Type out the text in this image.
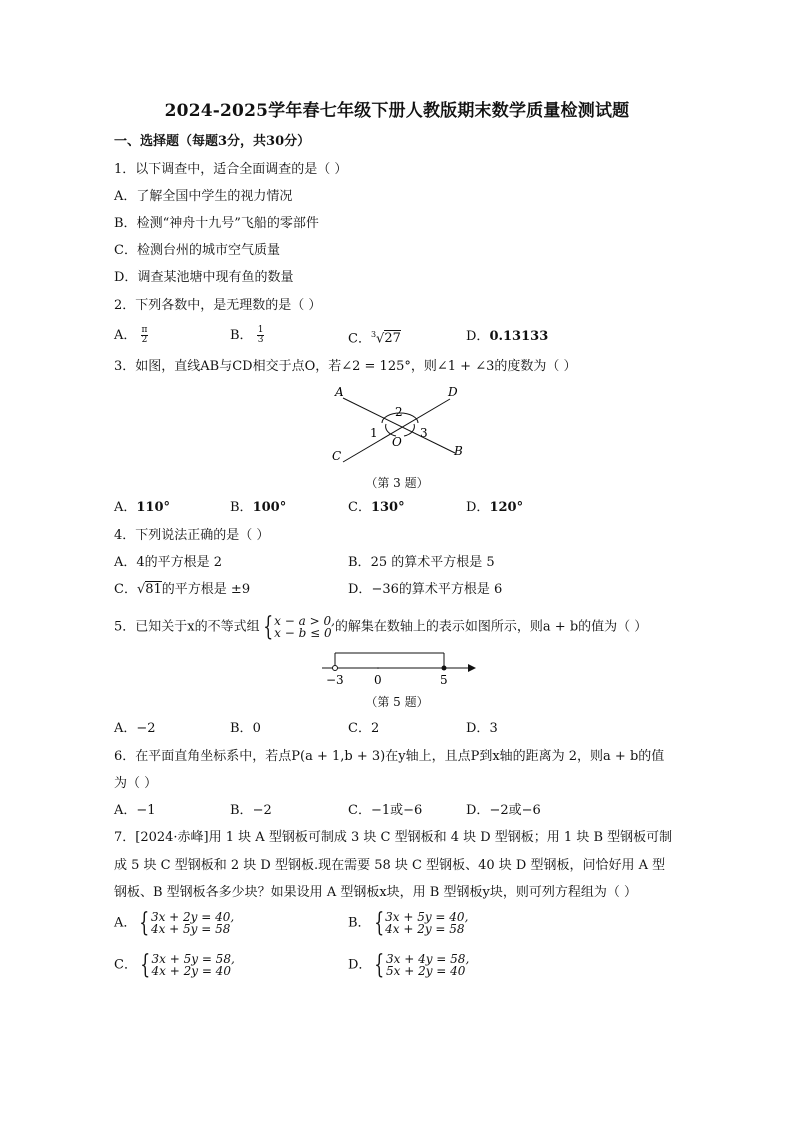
2024-2025学年春七年级下册人教版期末数学质量检测试题
一、选择题（每题3分，共30分）
1．以下调查中，适合全面调查的是（ ）
A．了解全国中学生的视力情况
B．检测“神舟十九号”飞船的零部件
C．检测台州的城市空气质量
D．调查某池塘中现有鱼的数量
2．下列各数中，是无理数的是（ ）
A． $\frac{\pi}{2}$	B． $\frac{1}{3}$	C．$^3$√27	D．0.13133
3．如图，直线AB与CD相交于点O，若∠2 = 125°，则∠1 + ∠3的度数为（ ）
A	D
C	B
O
1
2
3
（第 3 题）
A．110°	B．100°	C．130°	D．120°
4．下列说法正确的是（ ）
A．4的平方根是 2	B．25 的算术平方根是 5
C．√81的平方根是 ±9	D．−36的算术平方根是 6
5．已知关于x的不等式组 { x − a > 0,
x − b ≤ 0 的解集在数轴上的表示如图所示，则a + b的值为（ ）
−3	0	5
（第 5 题）
A．−2	B．0	C．2	D．3
6．在平面直角坐标系中，若点P(a + 1,b + 3)在y轴上，且点P到x轴的距离为 2，则a + b的值
为（ ）
A．−1	B．−2	C．−1或−6	D．−2或−6
7．[2024·赤峰]用 1 块 A 型钢板可制成 3 块 C 型钢板和 4 块 D 型钢板；用 1 块 B 型钢板可制
成 5 块 C 型钢板和 2 块 D 型钢板.现在需要 58 块 C 型钢板、40 块 D 型钢板，问恰好用 A 型
钢板、B 型钢板各多少块？如果设用 A 型钢板x块，用 B 型钢板y块，则可列方程组为（ ）
A． { 3x + 2y = 40,
4x + 5y = 58	B． { 3x + 5y = 40,
4x + 2y = 58
C． { 3x + 5y = 58,
4x + 2y = 40	D． { 3x + 4y = 58,
5x + 2y = 40
